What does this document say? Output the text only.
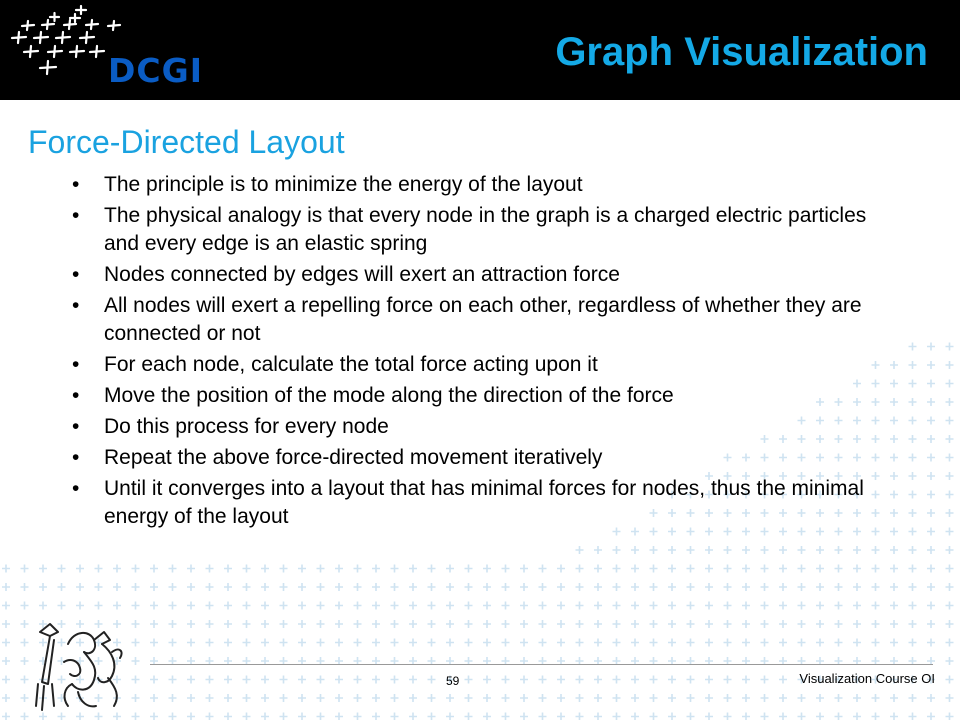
DCGI	Graph Visualization
Force-Directed Layout
• The principle is to minimize the energy of the layout
• The physical analogy is that every node in the graph is a charged electric particles and every edge is an elastic spring
• Nodes connected by edges will exert an attraction force
• All nodes will exert a repelling force on each other, regardless of whether they are connected or not
• For each node, calculate the total force acting upon it
• Move the position of the mode along the direction of the force
• Do this process for every node
• Repeat the above force-directed movement iteratively
• Until it converges into a layout that has minimal forces for nodes, thus the minimal energy of the layout
59	Visualization Course OI
